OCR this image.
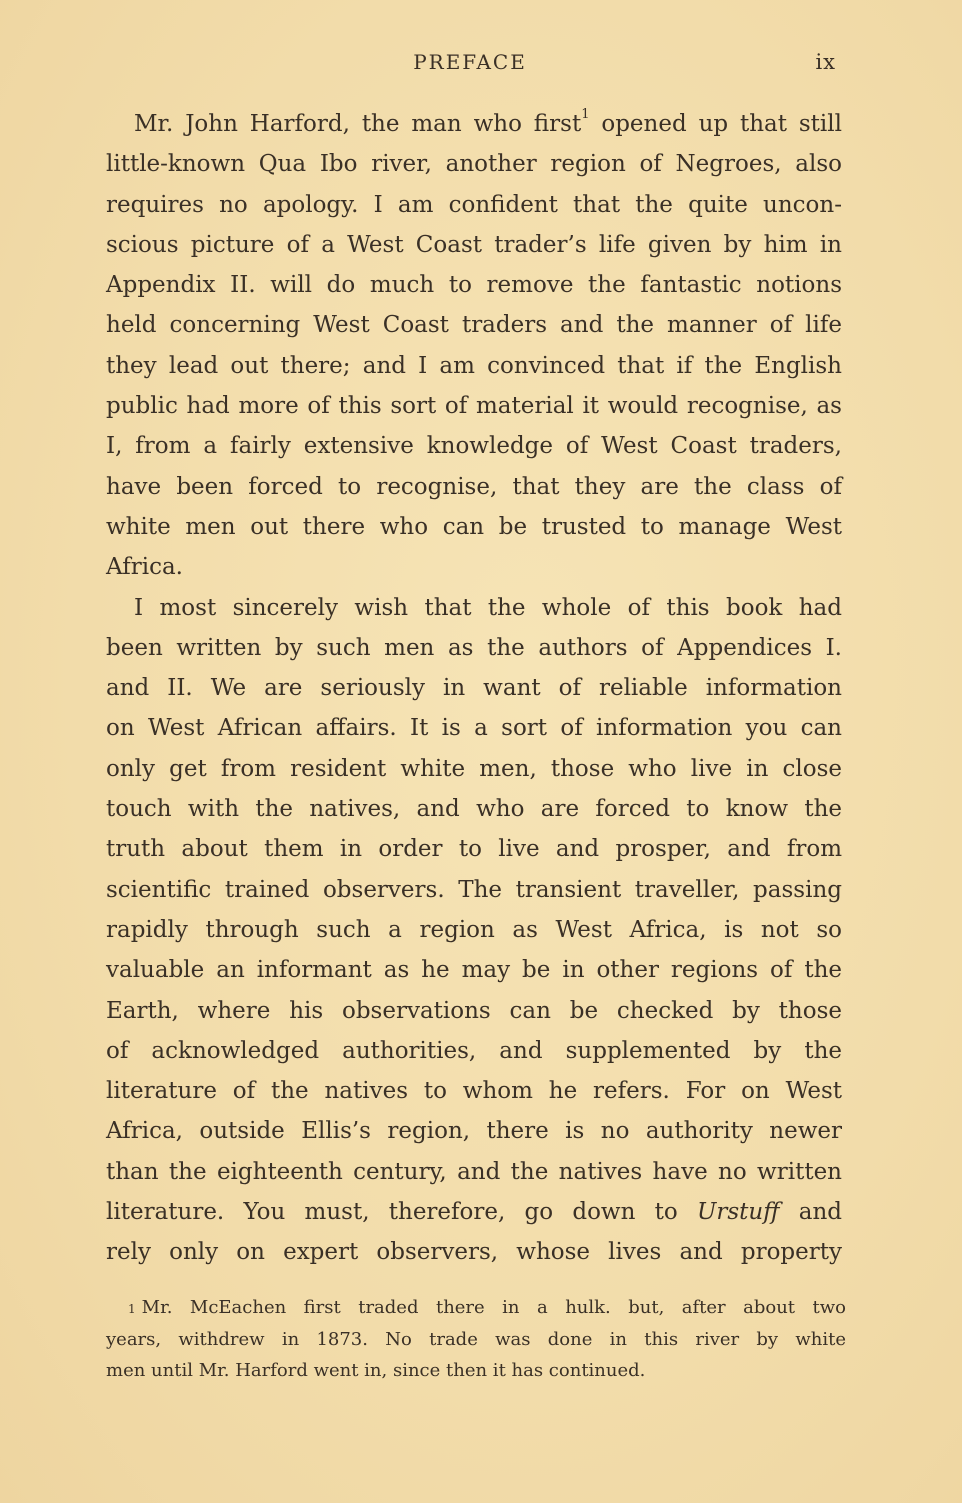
PREFACE	ix
Mr. John Harford, the man who first$^1$ opened up that still
little-known Qua Ibo river, another region of Negroes, also
requires no apology. I am confident that the quite uncon-
scious picture of a West Coast trader’s life given by him in
Appendix II. will do much to remove the fantastic notions
held concerning West Coast traders and the manner of life
they lead out there; and I am convinced that if the English
public had more of this sort of material it would recognise, as
I, from a fairly extensive knowledge of West Coast traders,
have been forced to recognise, that they are the class of
white men out there who can be trusted to manage West
Africa.
I most sincerely wish that the whole of this book had
been written by such men as the authors of Appendices I.
and II. We are seriously in want of reliable information
on West African affairs. It is a sort of information you can
only get from resident white men, those who live in close
touch with the natives, and who are forced to know the
truth about them in order to live and prosper, and from
scientific trained observers. The transient traveller, passing
rapidly through such a region as West Africa, is not so
valuable an informant as he may be in other regions of the
Earth, where his observations can be checked by those
of acknowledged authorities, and supplemented by the
literature of the natives to whom he refers. For on West
Africa, outside Ellis’s region, there is no authority newer
than the eighteenth century, and the natives have no written
literature. You must, therefore, go down to Urstuff and
rely only on expert observers, whose lives and property
$^1$ Mr. McEachen first traded there in a hulk. but, after about two
years, withdrew in 1873. No trade was done in this river by white
men until Mr. Harford went in, since then it has continued.
